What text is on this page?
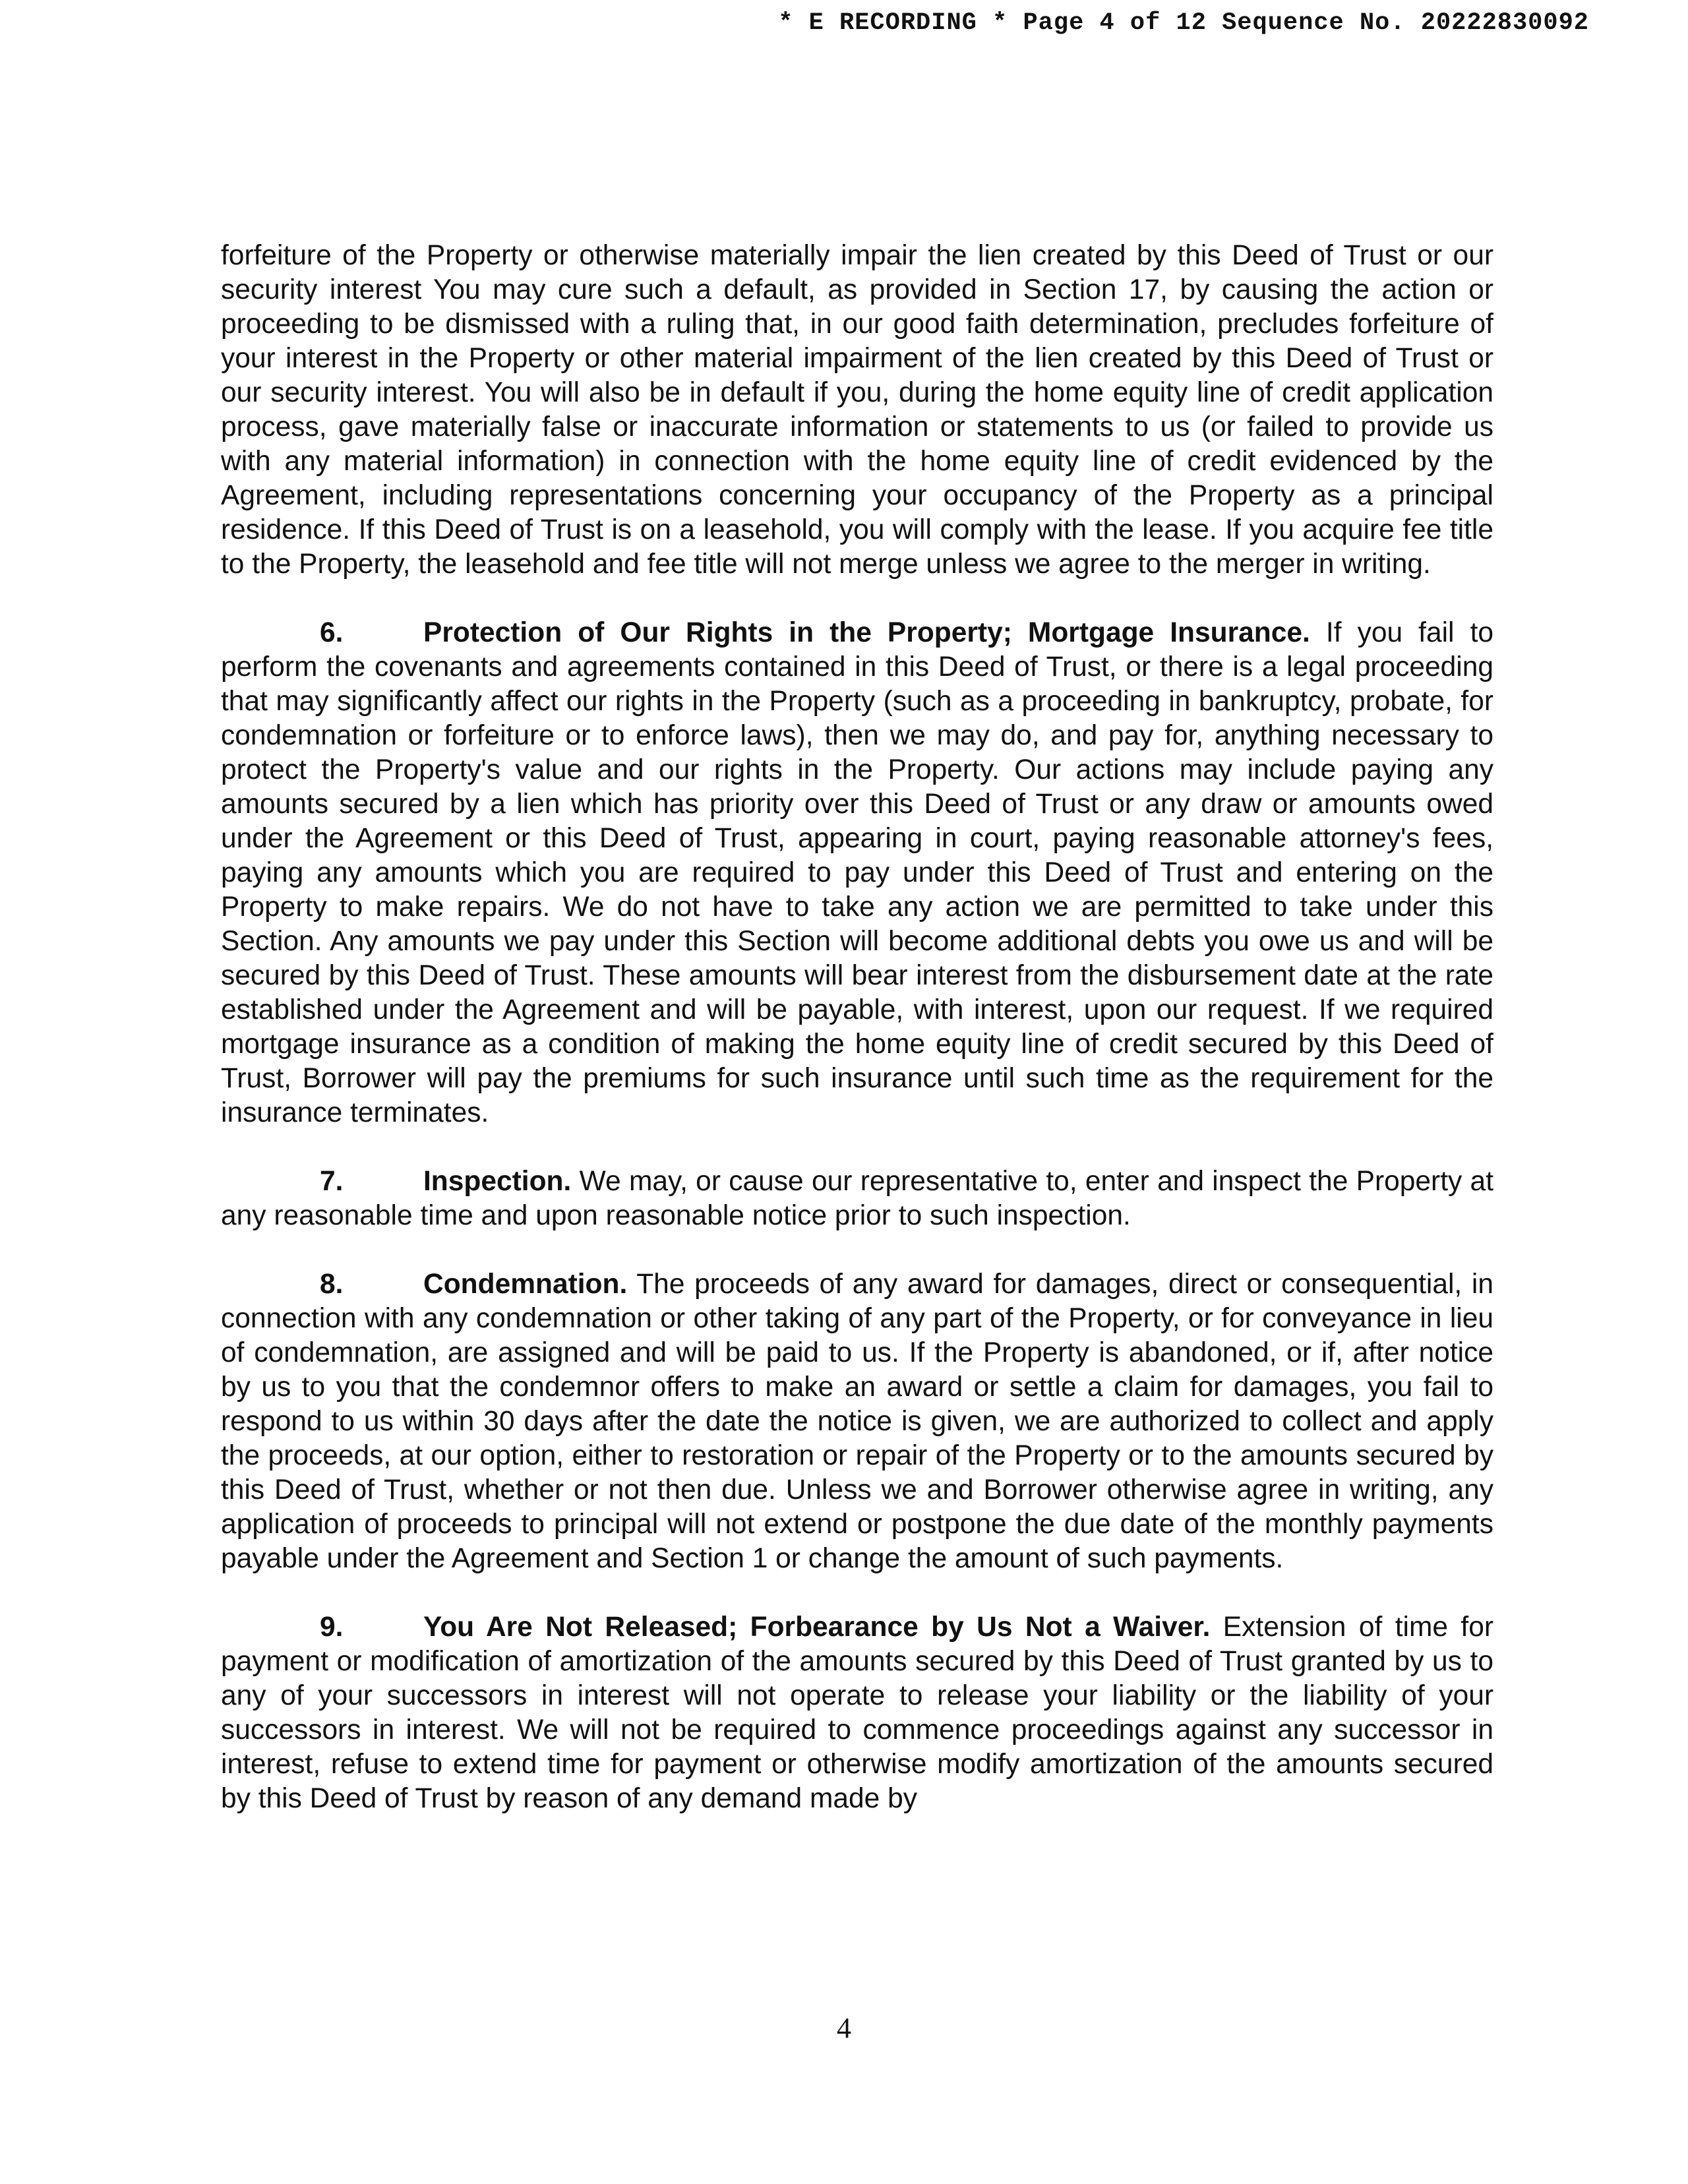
* E RECORDING * Page 4 of 12 Sequence No. 20222830092

forfeiture of the Property or otherwise materially impair the lien created by this Deed of Trust or our security interest You may cure such a default, as provided in Section 17, by causing the action or proceeding to be dismissed with a ruling that, in our good faith determination, precludes forfeiture of your interest in the Property or other material impairment of the lien created by this Deed of Trust or our security interest. You will also be in default if you, during the home equity line of credit application process, gave materially false or inaccurate information or statements to us (or failed to provide us with any material information) in connection with the home equity line of credit evidenced by the Agreement, including representations concerning your occupancy of the Property as a principal residence. If this Deed of Trust is on a leasehold, you will comply with the lease. If you acquire fee title to the Property, the leasehold and fee title will not merge unless we agree to the merger in writing.

6.	Protection of Our Rights in the Property; Mortgage Insurance. If you fail to perform the covenants and agreements contained in this Deed of Trust, or there is a legal proceeding that may significantly affect our rights in the Property (such as a proceeding in bankruptcy, probate, for condemnation or forfeiture or to enforce laws), then we may do, and pay for, anything necessary to protect the Property's value and our rights in the Property. Our actions may include paying any amounts secured by a lien which has priority over this Deed of Trust or any draw or amounts owed under the Agreement or this Deed of Trust, appearing in court, paying reasonable attorney's fees, paying any amounts which you are required to pay under this Deed of Trust and entering on the Property to make repairs. We do not have to take any action we are permitted to take under this Section. Any amounts we pay under this Section will become additional debts you owe us and will be secured by this Deed of Trust. These amounts will bear interest from the disbursement date at the rate established under the Agreement and will be payable, with interest, upon our request. If we required mortgage insurance as a condition of making the home equity line of credit secured by this Deed of Trust, Borrower will pay the premiums for such insurance until such time as the requirement for the insurance terminates.

7.	Inspection. We may, or cause our representative to, enter and inspect the Property at any reasonable time and upon reasonable notice prior to such inspection.

8.	Condemnation. The proceeds of any award for damages, direct or consequential, in connection with any condemnation or other taking of any part of the Property, or for conveyance in lieu of condemnation, are assigned and will be paid to us. If the Property is abandoned, or if, after notice by us to you that the condemnor offers to make an award or settle a claim for damages, you fail to respond to us within 30 days after the date the notice is given, we are authorized to collect and apply the proceeds, at our option, either to restoration or repair of the Property or to the amounts secured by this Deed of Trust, whether or not then due. Unless we and Borrower otherwise agree in writing, any application of proceeds to principal will not extend or postpone the due date of the monthly payments payable under the Agreement and Section 1 or change the amount of such payments.

9.	You Are Not Released; Forbearance by Us Not a Waiver. Extension of time for payment or modification of amortization of the amounts secured by this Deed of Trust granted by us to any of your successors in interest will not operate to release your liability or the liability of your successors in interest. We will not be required to commence proceedings against any successor in interest, refuse to extend time for payment or otherwise modify amortization of the amounts secured by this Deed of Trust by reason of any demand made by

4
